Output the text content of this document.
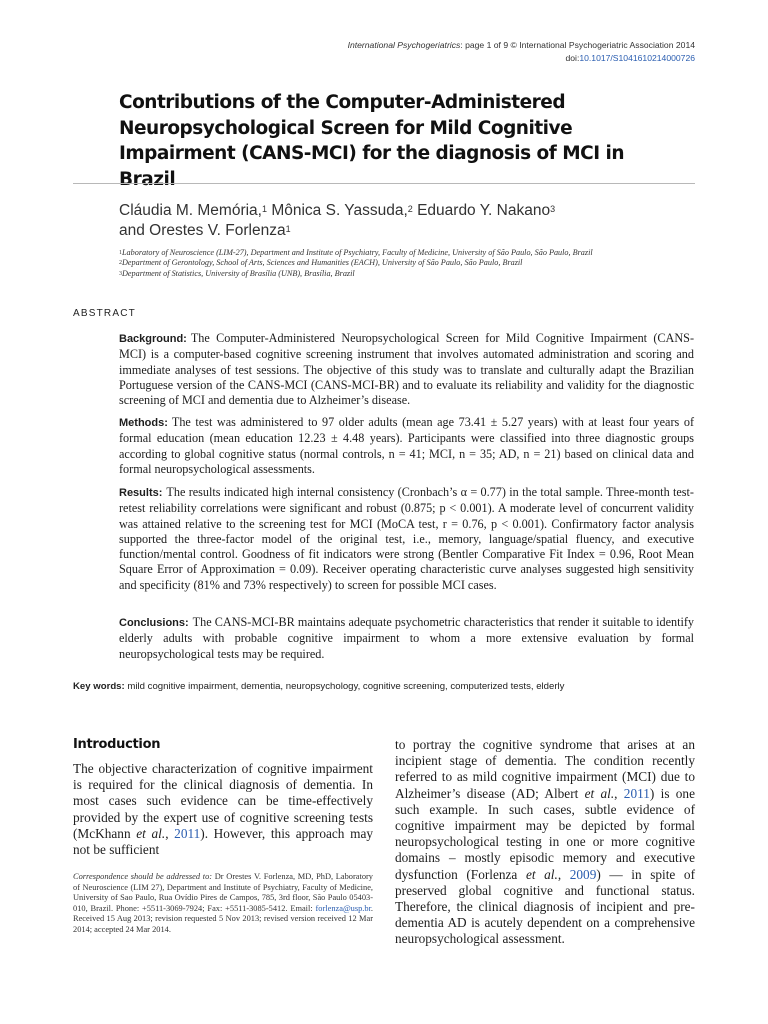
International Psychogeriatrics: page 1 of 9 © International Psychogeriatric Association 2014
doi:10.1017/S1041610214000726
Contributions of the Computer-Administered Neuropsychological Screen for Mild Cognitive Impairment (CANS-MCI) for the diagnosis of MCI in Brazil
Cláudia M. Memória,$^1$ Mônica S. Yassuda,$^2$ Eduardo Y. Nakano$^3$
and Orestes V. Forlenza$^1$
$^1$Laboratory of Neuroscience (LIM-27), Department and Institute of Psychiatry, Faculty of Medicine, University of São Paulo, São Paulo, Brazil
$^2$Department of Gerontology, School of Arts, Sciences and Humanities (EACH), University of São Paulo, São Paulo, Brazil
$^3$Department of Statistics, University of Brasília (UNB), Brasília, Brazil
ABSTRACT
Background: The Computer-Administered Neuropsychological Screen for Mild Cognitive Impairment (CANS-MCI) is a computer-based cognitive screening instrument that involves automated administration and scoring and immediate analyses of test sessions. The objective of this study was to translate and culturally adapt the Brazilian Portuguese version of the CANS-MCI (CANS-MCI-BR) and to evaluate its reliability and validity for the diagnostic screening of MCI and dementia due to Alzheimer’s disease.
Methods: The test was administered to 97 older adults (mean age 73.41 ± 5.27 years) with at least four years of formal education (mean education 12.23 ± 4.48 years). Participants were classified into three diagnostic groups according to global cognitive status (normal controls, n = 41; MCI, n = 35; AD, n = 21) based on clinical data and formal neuropsychological assessments.
Results: The results indicated high internal consistency (Cronbach’s α = 0.77) in the total sample. Three-month test-retest reliability correlations were significant and robust (0.875; p < 0.001). A moderate level of concurrent validity was attained relative to the screening test for MCI (MoCA test, r = 0.76, p < 0.001). Confirmatory factor analysis supported the three-factor model of the original test, i.e., memory, language/spatial fluency, and executive function/mental control. Goodness of fit indicators were strong (Bentler Comparative Fit Index = 0.96, Root Mean Square Error of Approximation = 0.09). Receiver operating characteristic curve analyses suggested high sensitivity and specificity (81% and 73% respectively) to screen for possible MCI cases.
Conclusions: The CANS-MCI-BR maintains adequate psychometric characteristics that render it suitable to identify elderly adults with probable cognitive impairment to whom a more extensive evaluation by formal neuropsychological tests may be required.
Key words: mild cognitive impairment, dementia, neuropsychology, cognitive screening, computerized tests, elderly
Introduction
The objective characterization of cognitive impairment is required for the clinical diagnosis of dementia. In most cases such evidence can be time-effectively provided by the expert use of cognitive screening tests (McKhann et al., 2011). However, this approach may not be sufficient
Correspondence should be addressed to: Dr Orestes V. Forlenza, MD, PhD, Laboratory of Neuroscience (LIM 27), Department and Institute of Psychiatry, Faculty of Medicine, University of Sao Paulo, Rua Ovídio Pires de Campos, 785, 3rd floor, São Paulo 05403-010, Brazil. Phone: +5511-3069-7924; Fax: +5511-3085-5412. Email: forlenza@usp.br. Received 15 Aug 2013; revision requested 5 Nov 2013; revised version received 12 Mar 2014; accepted 24 Mar 2014.
to portray the cognitive syndrome that arises at an incipient stage of dementia. The condition recently referred to as mild cognitive impairment (MCI) due to Alzheimer’s disease (AD; Albert et al., 2011) is one such example. In such cases, subtle evidence of cognitive impairment may be depicted by formal neuropsychological testing in one or more cognitive domains – mostly episodic memory and executive dysfunction (Forlenza et al., 2009) — in spite of preserved global cognitive and functional status. Therefore, the clinical diagnosis of incipient and pre-dementia AD is acutely dependent on a comprehensive neuropsychological assessment.
